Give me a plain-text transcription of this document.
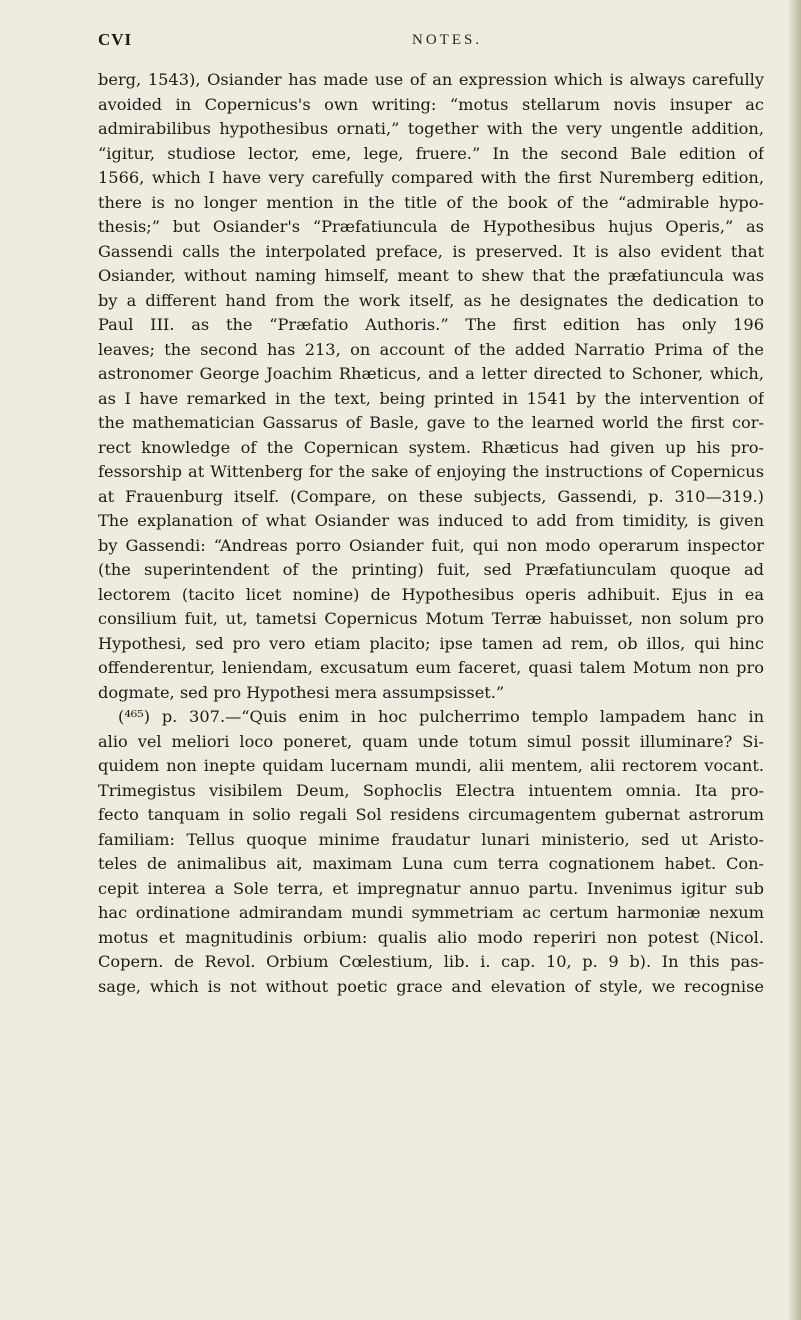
CVI	NOTES.
berg, 1543), Osiander has made use of an expression which is always carefully
avoided in Copernicus's own writing: “motus stellarum novis insuper ac
admirabilibus hypothesibus ornati,” together with the very ungentle addition,
“igitur, studiose lector, eme, lege, fruere.” In the second Bale edition of
1566, which I have very carefully compared with the first Nuremberg edition,
there is no longer mention in the title of the book of the “admirable hypo-
thesis;” but Osiander's “Præfatiuncula de Hypothesibus hujus Operis,” as
Gassendi calls the interpolated preface, is preserved. It is also evident that
Osiander, without naming himself, meant to shew that the præfatiuncula was
by a different hand from the work itself, as he designates the dedication to
Paul III. as the “Præfatio Authoris.” The first edition has only 196
leaves; the second has 213, on account of the added Narratio Prima of the
astronomer George Joachim Rhæticus, and a letter directed to Schoner, which,
as I have remarked in the text, being printed in 1541 by the intervention of
the mathematician Gassarus of Basle, gave to the learned world the first cor-
rect knowledge of the Copernican system. Rhæticus had given up his pro-
fessorship at Wittenberg for the sake of enjoying the instructions of Copernicus
at Frauenburg itself. (Compare, on these subjects, Gassendi, p. 310—319.)
The explanation of what Osiander was induced to add from timidity, is given
by Gassendi: “Andreas porro Osiander fuit, qui non modo operarum inspector
(the superintendent of the printing) fuit, sed Præfatiunculam quoque ad
lectorem (tacito licet nomine) de Hypothesibus operis adhibuit. Ejus in ea
consilium fuit, ut, tametsi Copernicus Motum Terræ habuisset, non solum pro
Hypothesi, sed pro vero etiam placito; ipse tamen ad rem, ob illos, qui hinc
offenderentur, leniendam, excusatum eum faceret, quasi talem Motum non pro
dogmate, sed pro Hypothesi mera assumpsisset.”
(⁴⁶⁵) p. 307.—“Quis enim in hoc pulcherrimo templo lampadem hanc in
alio vel meliori loco poneret, quam unde totum simul possit illuminare? Si-
quidem non inepte quidam lucernam mundi, alii mentem, alii rectorem vocant.
Trimegistus visibilem Deum, Sophoclis Electra intuentem omnia. Ita pro-
fecto tanquam in solio regali Sol residens circumagentem gubernat astrorum
familiam: Tellus quoque minime fraudatur lunari ministerio, sed ut Aristo-
teles de animalibus ait, maximam Luna cum terra cognationem habet. Con-
cepit interea a Sole terra, et impregnatur annuo partu. Invenimus igitur sub
hac ordinatione admirandam mundi symmetriam ac certum harmoniæ nexum
motus et magnitudinis orbium: qualis alio modo reperiri non potest (Nicol.
Copern. de Revol. Orbium Cœlestium, lib. i. cap. 10, p. 9 b). In this pas-
sage, which is not without poetic grace and elevation of style, we recognise
